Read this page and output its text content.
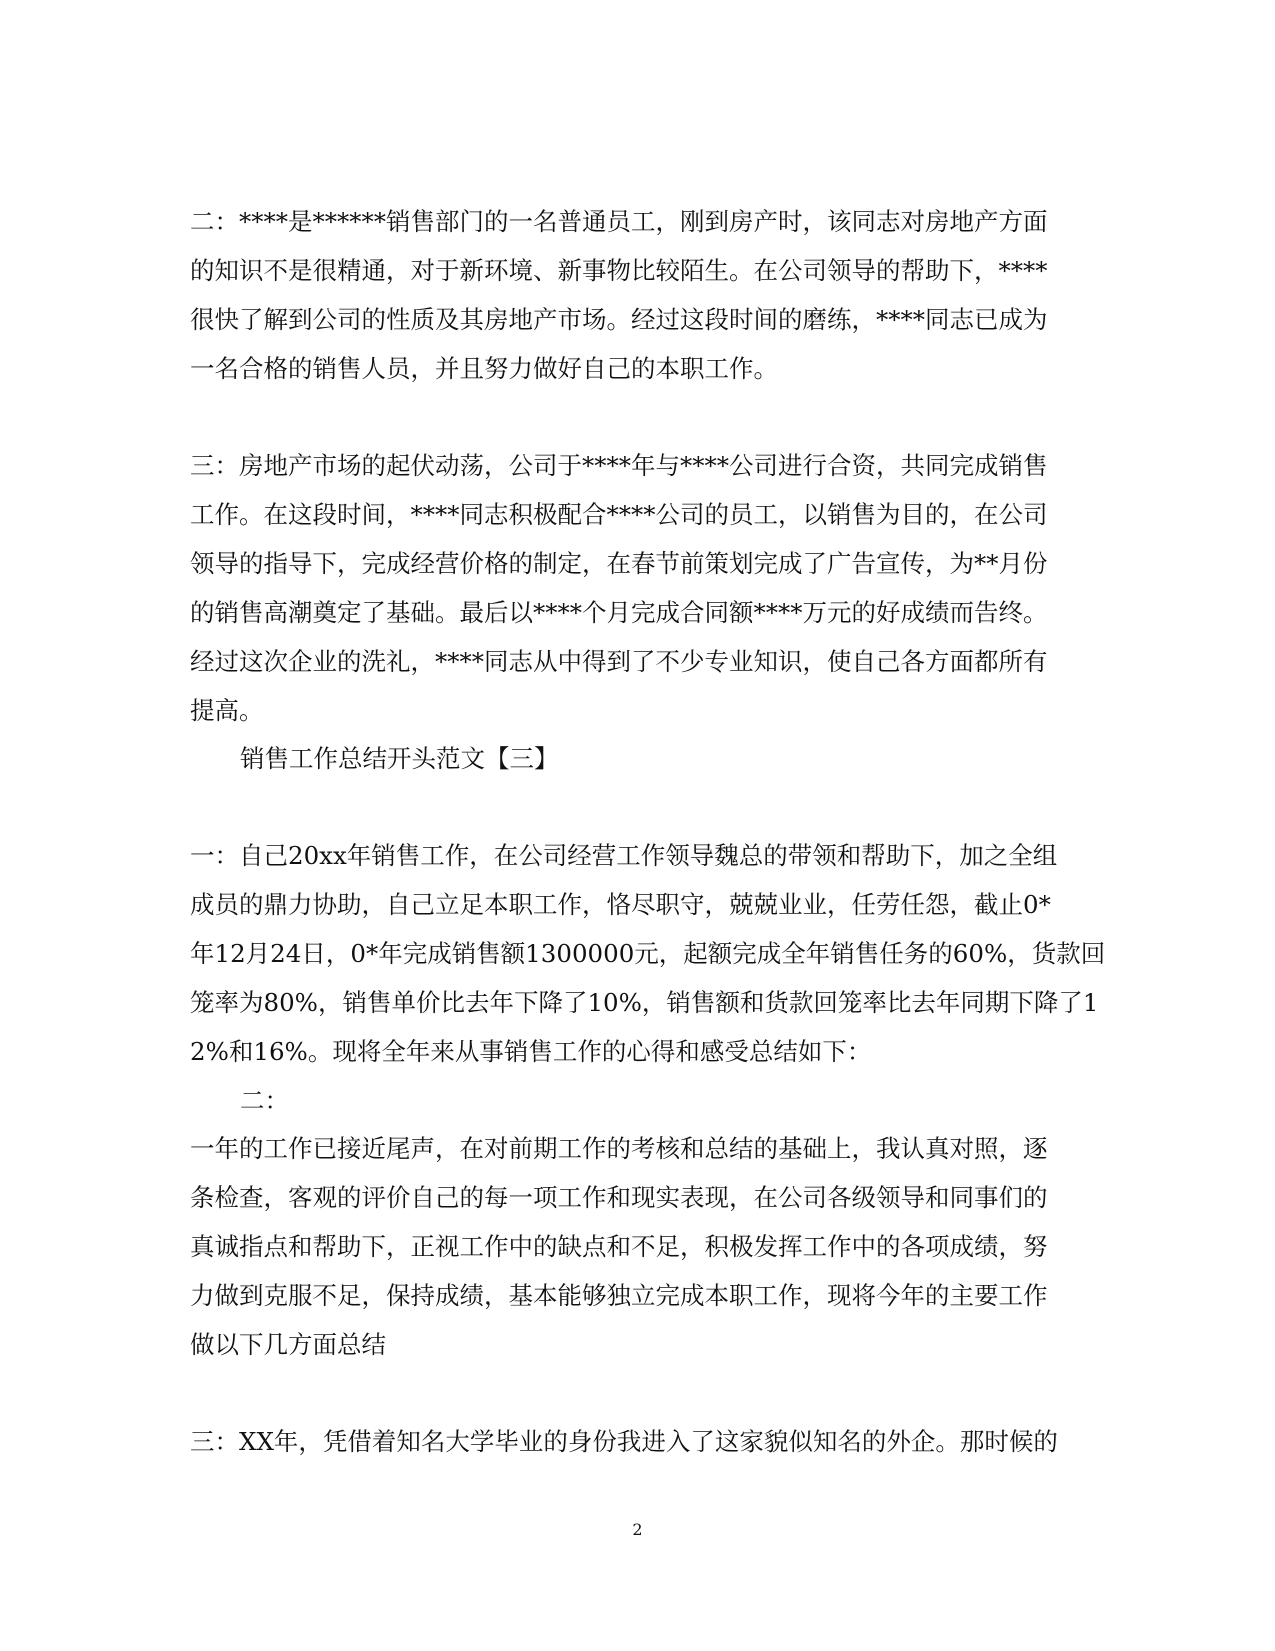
二：****是******销售部门的一名普通员工，刚到房产时，该同志对房地产方面
的知识不是很精通，对于新环境、新事物比较陌生。在公司领导的帮助下，****
很快了解到公司的性质及其房地产市场。经过这段时间的磨练，****同志已成为
一名合格的销售人员，并且努力做好自己的本职工作。
三：房地产市场的起伏动荡，公司于****年与****公司进行合资，共同完成销售
工作。在这段时间，****同志积极配合****公司的员工，以销售为目的，在公司
领导的指导下，完成经营价格的制定，在春节前策划完成了广告宣传，为**月份
的销售高潮奠定了基础。最后以****个月完成合同额****万元的好成绩而告终。
经过这次企业的洗礼，****同志从中得到了不少专业知识，使自己各方面都所有
提高。
销售工作总结开头范文【三】
一：自己20xx年销售工作，在公司经营工作领导魏总的带领和帮助下，加之全组
成员的鼎力协助，自己立足本职工作，恪尽职守，兢兢业业，任劳任怨，截止0*
年12月24日，0*年完成销售额1300000元，起额完成全年销售任务的60%，货款回
笼率为80%，销售单价比去年下降了10%，销售额和货款回笼率比去年同期下降了1
2%和16%。现将全年来从事销售工作的心得和感受总结如下：
二：
一年的工作已接近尾声，在对前期工作的考核和总结的基础上，我认真对照，逐
条检查，客观的评价自己的每一项工作和现实表现，在公司各级领导和同事们的
真诚指点和帮助下，正视工作中的缺点和不足，积极发挥工作中的各项成绩，努
力做到克服不足，保持成绩，基本能够独立完成本职工作，现将今年的主要工作
做以下几方面总结
三：XX年，凭借着知名大学毕业的身份我进入了这家貌似知名的外企。那时候的
2
